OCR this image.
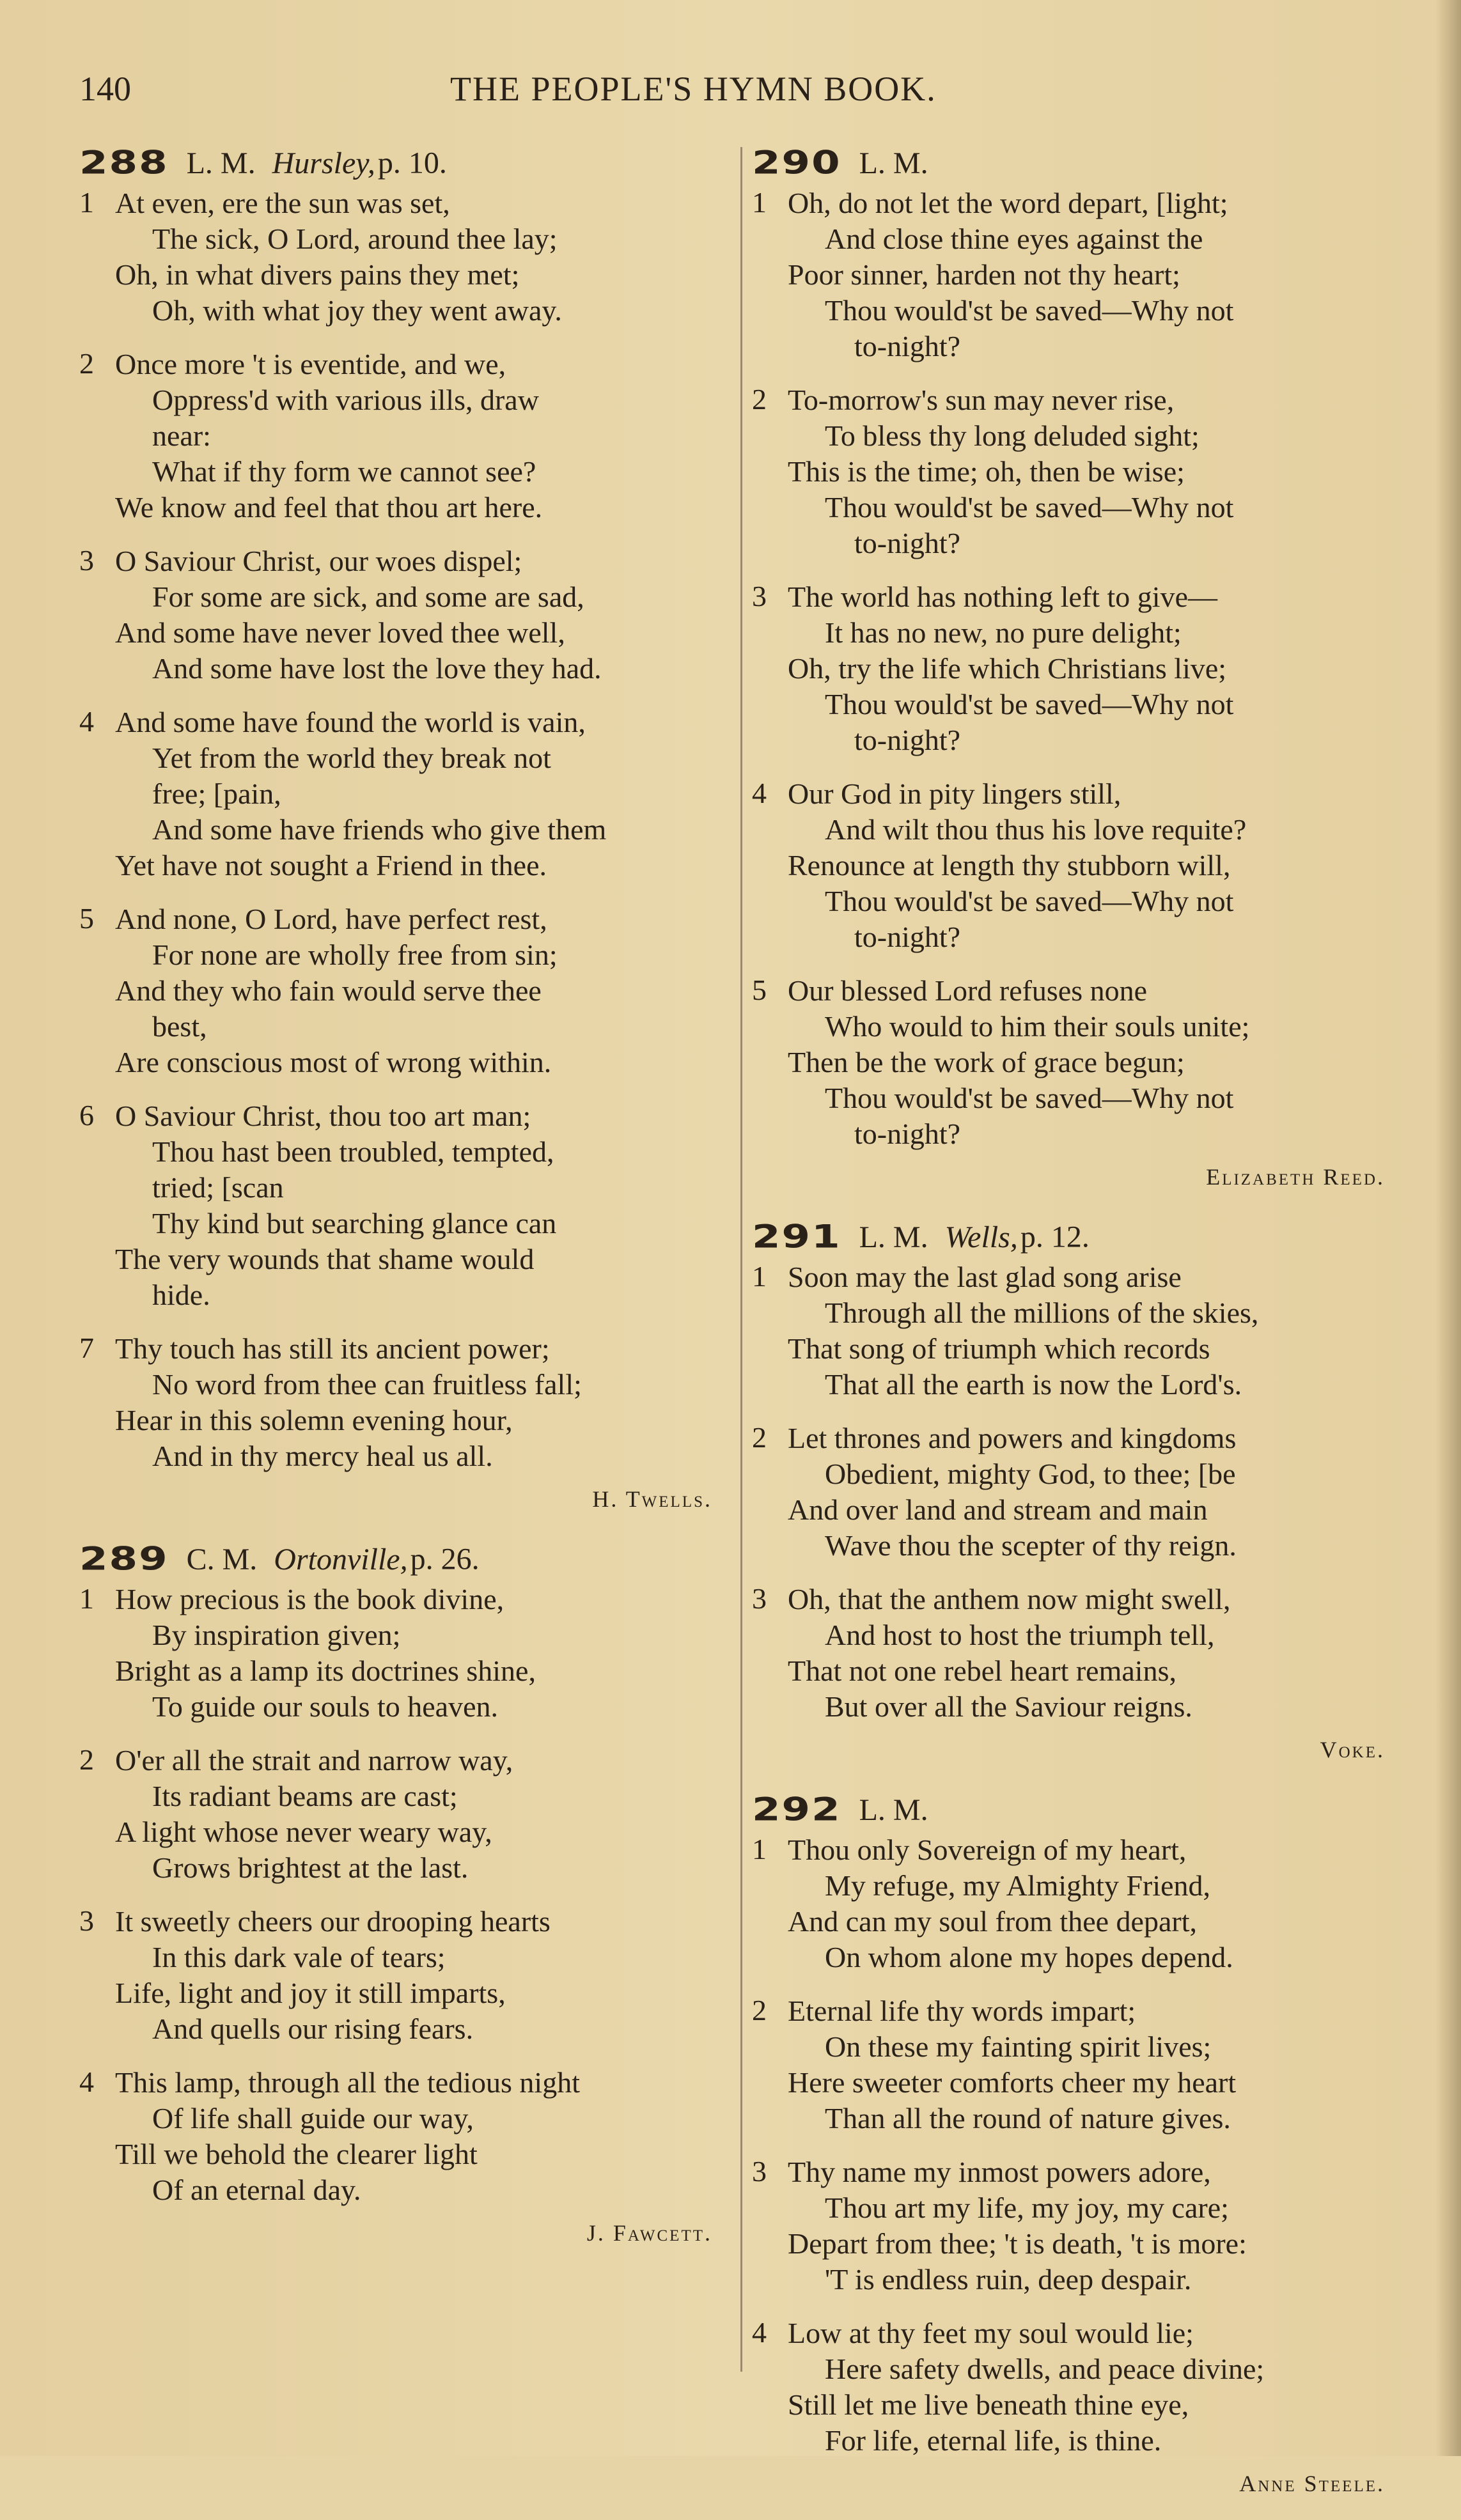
140	THE PEOPLE'S HYMN BOOK.
288 L. M. Hursley, p. 10.
1 At even, ere the sun was set,
The sick, O Lord, around thee lay;
Oh, in what divers pains they met;
Oh, with what joy they went away.
2 Once more 't is eventide, and we,
Oppress'd with various ills, draw
near:
What if thy form we cannot see?
We know and feel that thou art here.
3 O Saviour Christ, our woes dispel;
For some are sick, and some are sad,
And some have never loved thee well,
And some have lost the love they had.
4 And some have found the world is vain,
Yet from the world they break not
free; [pain,
And some have friends who give them
Yet have not sought a Friend in thee.
5 And none, O Lord, have perfect rest,
For none are wholly free from sin;
And they who fain would serve thee
best,
Are conscious most of wrong within.
6 O Saviour Christ, thou too art man;
Thou hast been troubled, tempted,
tried; [scan
Thy kind but searching glance can
The very wounds that shame would
hide.
7 Thy touch has still its ancient power;
No word from thee can fruitless fall;
Hear in this solemn evening hour,
And in thy mercy heal us all.
H. Twells.
289 C. M. Ortonville, p. 26.
1 How precious is the book divine,
By inspiration given;
Bright as a lamp its doctrines shine,
To guide our souls to heaven.
2 O'er all the strait and narrow way,
Its radiant beams are cast;
A light whose never weary way,
Grows brightest at the last.
3 It sweetly cheers our drooping hearts
In this dark vale of tears;
Life, light and joy it still imparts,
And quells our rising fears.
4 This lamp, through all the tedious night
Of life shall guide our way,
Till we behold the clearer light
Of an eternal day.
J. Fawcett.
290 L. M.
1 Oh, do not let the word depart, [light;
And close thine eyes against the
Poor sinner, harden not thy heart;
Thou would'st be saved—Why not
to-night?
2 To-morrow's sun may never rise,
To bless thy long deluded sight;
This is the time; oh, then be wise;
Thou would'st be saved—Why not
to-night?
3 The world has nothing left to give—
It has no new, no pure delight;
Oh, try the life which Christians live;
Thou would'st be saved—Why not
to-night?
4 Our God in pity lingers still,
And wilt thou thus his love requite?
Renounce at length thy stubborn will,
Thou would'st be saved—Why not
to-night?
5 Our blessed Lord refuses none
Who would to him their souls unite;
Then be the work of grace begun;
Thou would'st be saved—Why not
to-night?
Elizabeth Reed.
291 L. M. Wells, p. 12.
1 Soon may the last glad song arise
Through all the millions of the skies,
That song of triumph which records
That all the earth is now the Lord's.
2 Let thrones and powers and kingdoms
Obedient, mighty God, to thee; [be
And over land and stream and main
Wave thou the scepter of thy reign.
3 Oh, that the anthem now might swell,
And host to host the triumph tell,
That not one rebel heart remains,
But over all the Saviour reigns.
Voke.
292 L. M.
1 Thou only Sovereign of my heart,
My refuge, my Almighty Friend,
And can my soul from thee depart,
On whom alone my hopes depend.
2 Eternal life thy words impart;
On these my fainting spirit lives;
Here sweeter comforts cheer my heart
Than all the round of nature gives.
3 Thy name my inmost powers adore,
Thou art my life, my joy, my care;
Depart from thee; 't is death, 't is more:
'T is endless ruin, deep despair.
4 Low at thy feet my soul would lie;
Here safety dwells, and peace divine;
Still let me live beneath thine eye,
For life, eternal life, is thine.
Anne Steele.
